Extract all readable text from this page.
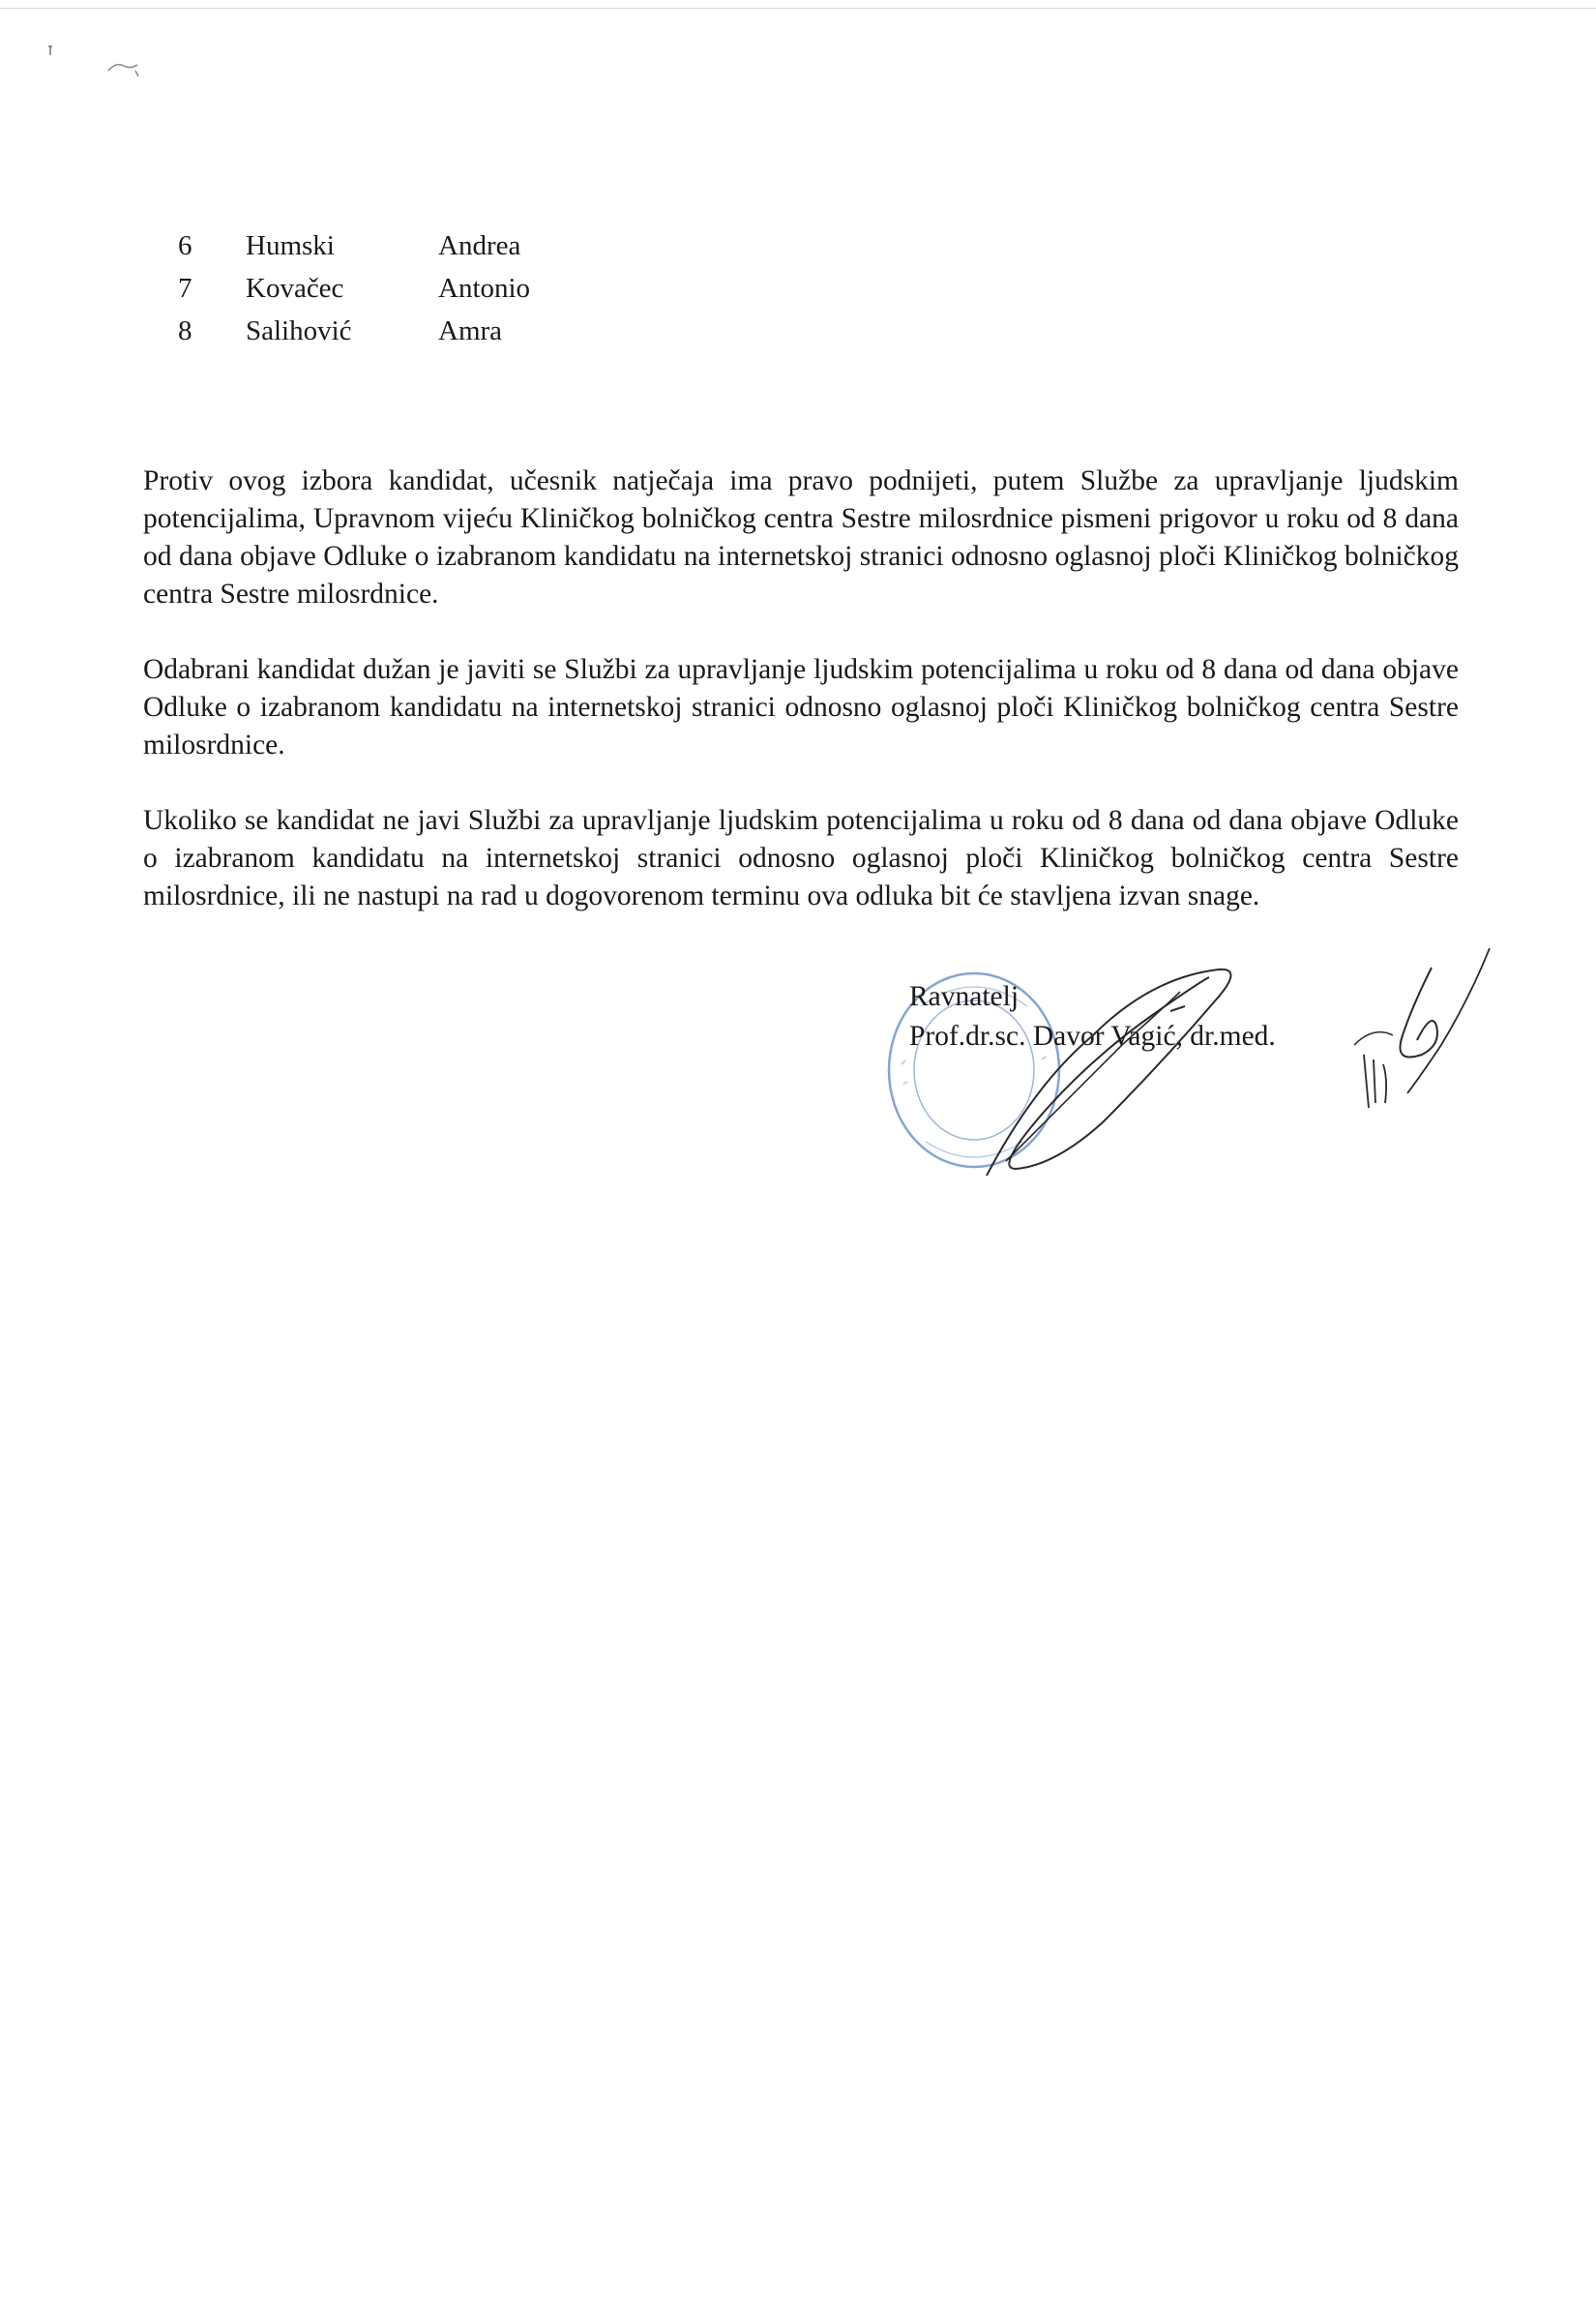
6	Humski	Andrea
7	Kovačec	Antonio
8	Salihović	Amra

Protiv ovog izbora kandidat, učesnik natječaja ima pravo podnijeti, putem Službe za upravljanje ljudskim potencijalima, Upravnom vijeću Kliničkog bolničkog centra Sestre milosrdnice pismeni prigovor u roku od 8 dana od dana objave Odluke o izabranom kandidatu na internetskoj stranici odnosno oglasnoj ploči Kliničkog bolničkog centra Sestre milosrdnice.

Odabrani kandidat dužan je javiti se Službi za upravljanje ljudskim potencijalima u roku od 8 dana od dana objave Odluke o izabranom kandidatu na internetskoj stranici odnosno oglasnoj ploči Kliničkog bolničkog centra Sestre milosrdnice.

Ukoliko se kandidat ne javi Službi za upravljanje ljudskim potencijalima u roku od 8 dana od dana objave Odluke o izabranom kandidatu na internetskoj stranici odnosno oglasnoj ploči Kliničkog bolničkog centra Sestre milosrdnice, ili ne nastupi na rad u dogovorenom terminu ova odluka bit će stavljena izvan snage.

Ravnatelj
Prof.dr.sc. Davor Vagić, dr.med.
